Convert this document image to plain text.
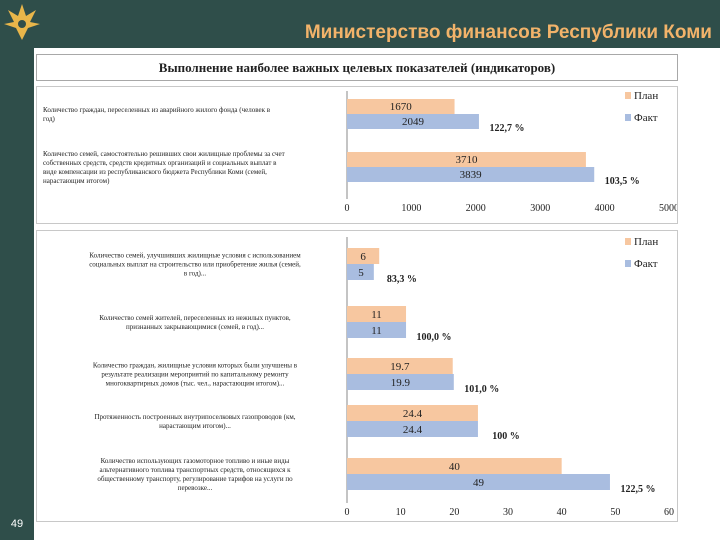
Министерство финансов Республики Коми
49
Выполнение наиболее важных целевых показателей (индикаторов)
0	1000	2000	3000	4000	5000
План
Факт
Количество граждан, переселенных из аварийного жилого фонда (человек в год)
1670
2049
122,7 %
Количество семей, самостоятельно решивших свои жилищные проблемы за счет собственных средств, средств кредитных организаций и социальных выплат в виде компенсации из республиканского бюджета Республики Коми (семей, нарастающим итогом)
3710
3839
103,5 %
0	10	20	30	40	50	60
План
Факт
Количество семей, улучшивших жилищные условия с использованием социальных выплат на строительство или приобретение жилья (семей, в год)...
6
5
83,3 %
Количество семей жителей, переселенных из нежилых пунктов, признанных закрывающимися (семей, в год)...
11
11
100,0 %
Количество граждан, жилищные условия которых были улучшены в результате реализации мероприятий по капитальному ремонту многоквартирных домов (тыс. чел., нарастающим итогом)...
19.7
19.9
101,0 %
Протяженность построенных внутрипоселковых газопроводов (км, нарастающим итогом)...
24.4
24.4
100 %
Количество использующих газомоторное топливо и иные виды альтернативного топлива транспортных средств, относящихся к общественному транспорту, регулирование тарифов на услуги по перевозке...
40
49
122,5 %
